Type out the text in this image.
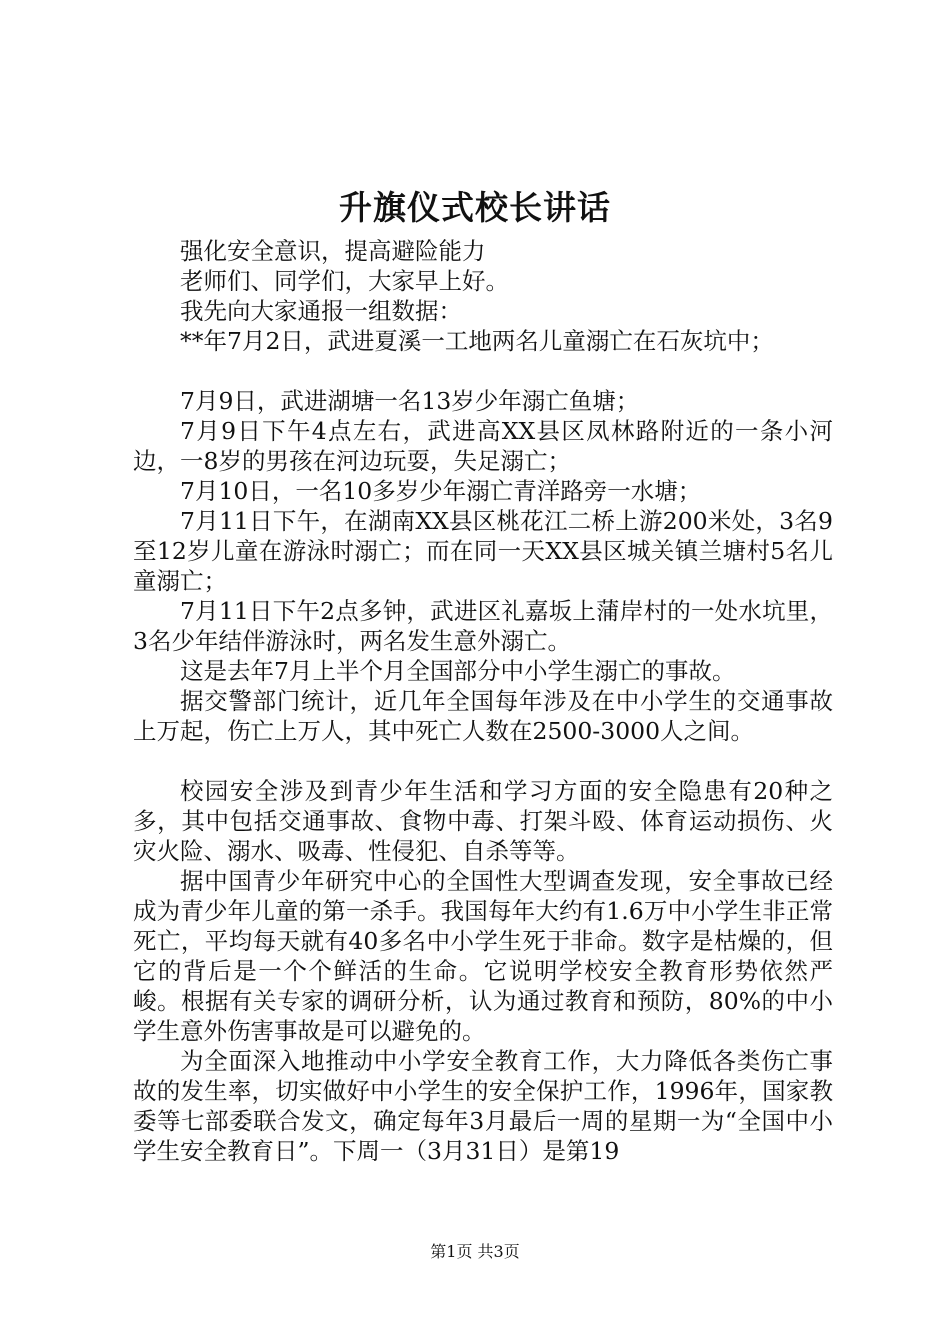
升旗仪式校长讲话

强化安全意识，提高避险能力

老师们、同学们，大家早上好。

我先向大家通报一组数据：

**年7月2日，武进夏溪一工地两名儿童溺亡在石灰坑中；

7月9日，武进湖塘一名13岁少年溺亡鱼塘；

7月9日下午4点左右，武进高XX县区凤林路附近的一条小河边，一8岁的男孩在河边玩耍，失足溺亡；

7月10日，一名10多岁少年溺亡青洋路旁一水塘；

7月11日下午，在湖南XX县区桃花江二桥上游200米处，3名9至12岁儿童在游泳时溺亡；而在同一天XX县区城关镇兰塘村5名儿童溺亡；

7月11日下午2点多钟，武进区礼嘉坂上蒲岸村的一处水坑里，3名少年结伴游泳时，两名发生意外溺亡。

这是去年7月上半个月全国部分中小学生溺亡的事故。

据交警部门统计，近几年全国每年涉及在中小学生的交通事故上万起，伤亡上万人，其中死亡人数在2500-3000人之间。

校园安全涉及到青少年生活和学习方面的安全隐患有20种之多，其中包括交通事故、食物中毒、打架斗殴、体育运动损伤、火灾火险、溺水、吸毒、性侵犯、自杀等等。

据中国青少年研究中心的全国性大型调查发现，安全事故已经成为青少年儿童的第一杀手。我国每年大约有1.6万中小学生非正常死亡，平均每天就有40多名中小学生死于非命。数字是枯燥的，但它的背后是一个个鲜活的生命。它说明学校安全教育形势依然严峻。根据有关专家的调研分析，认为通过教育和预防，80%的中小学生意外伤害事故是可以避免的。

为全面深入地推动中小学安全教育工作，大力降低各类伤亡事故的发生率，切实做好中小学生的安全保护工作，1996年，国家教委等七部委联合发文，确定每年3月最后一周的星期一为“全国中小学生安全教育日”。下周一（3月31日）是第19

第1页 共3页
